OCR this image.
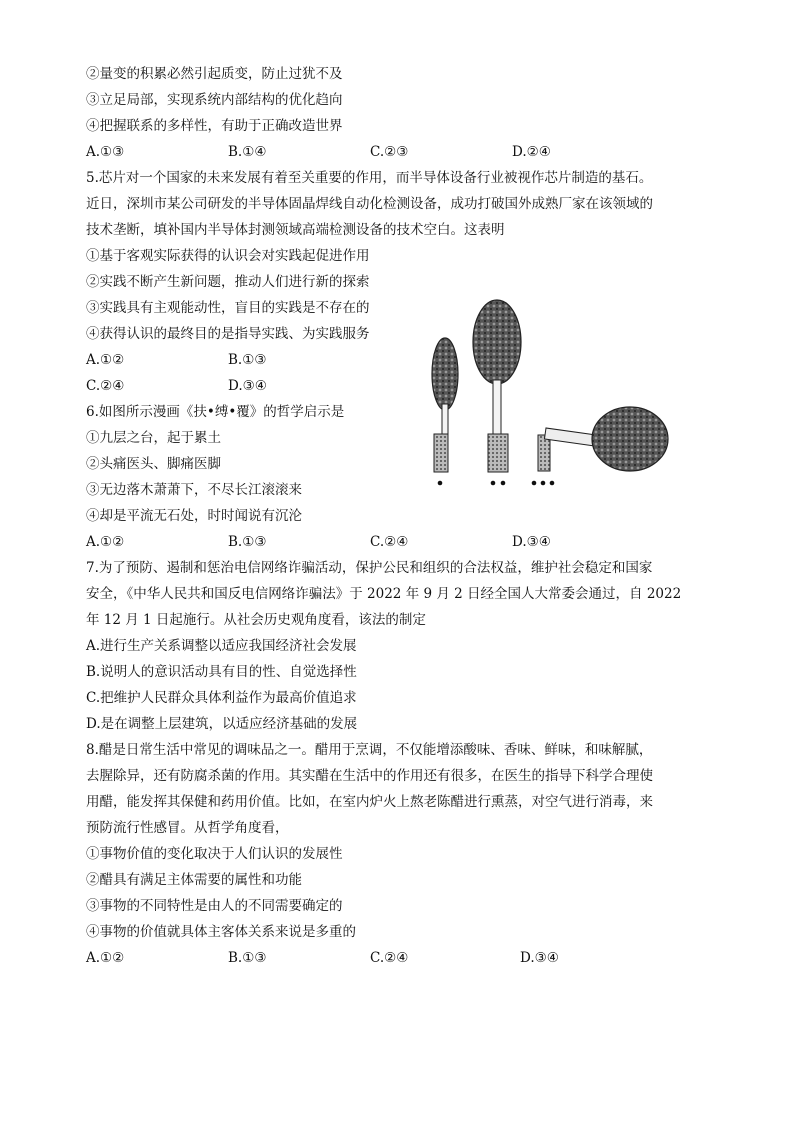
②量变的积累必然引起质变，防止过犹不及
③立足局部，实现系统内部结构的优化趋向
④把握联系的多样性，有助于正确改造世界
A.①③	B.①④	C.②③	D.②④
5.芯片对一个国家的未来发展有着至关重要的作用，而半导体设备行业被视作芯片制造的基石。
近日，深圳市某公司研发的半导体固晶焊线自动化检测设备，成功打破国外成熟厂家在该领域的
技术垄断，填补国内半导体封测领域高端检测设备的技术空白。这表明
①基于客观实际获得的认识会对实践起促进作用
②实践不断产生新问题，推动人们进行新的探索
③实践具有主观能动性，盲目的实践是不存在的
④获得认识的最终目的是指导实践、为实践服务
A.①②	B.①③
C.②④	D.③④
6.如图所示漫画《扶•缚•覆》的哲学启示是
①九层之台，起于累土
②头痛医头、脚痛医脚
③无边落木萧萧下，不尽长江滚滚来
④却是平流无石处，时时闻说有沉沦
A.①②	B.①③	C.②④	D.③④
7.为了预防、遏制和惩治电信网络诈骗活动，保护公民和组织的合法权益，维护社会稳定和国家
安全，《中华人民共和国反电信网络诈骗法》于 2022 年 9 月 2 日经全国人大常委会通过，自 2022
年 12 月 1 日起施行。从社会历史观角度看，该法的制定
A.进行生产关系调整以适应我国经济社会发展
B.说明人的意识活动具有目的性、自觉选择性
C.把维护人民群众具体利益作为最高价值追求
D.是在调整上层建筑，以适应经济基础的发展
8.醋是日常生活中常见的调味品之一。醋用于烹调，不仅能增添酸味、香味、鲜味，和味解腻，
去腥除异，还有防腐杀菌的作用。其实醋在生活中的作用还有很多，在医生的指导下科学合理使
用醋，能发挥其保健和药用价值。比如，在室内炉火上熬老陈醋进行熏蒸，对空气进行消毒，来
预防流行性感冒。从哲学角度看，
①事物价值的变化取决于人们认识的发展性
②醋具有满足主体需要的属性和功能
③事物的不同特性是由人的不同需要确定的
④事物的价值就具体主客体关系来说是多重的
A.①②	B.①③	C.②④	D.③④
